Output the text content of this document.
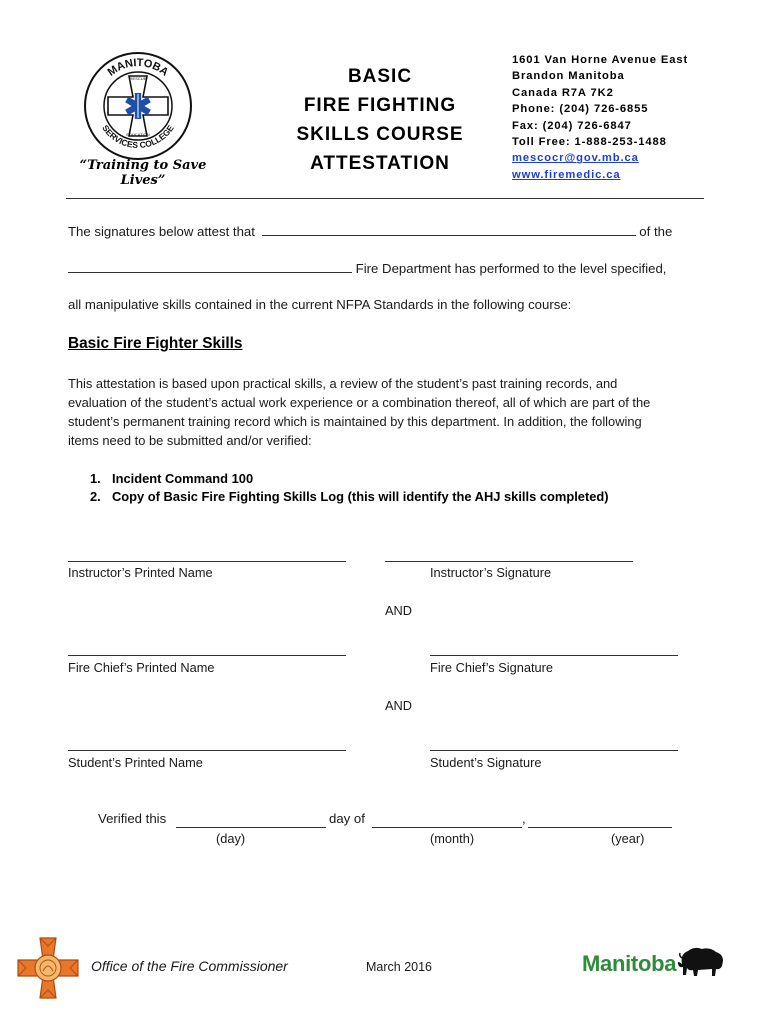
MANITOBA
SERVICES COLLEGE
RESCUE
EDUCATION
“Training to Save Lives”
BASIC
FIRE FIGHTING
SKILLS COURSE
ATTESTATION
1601 Van Horne Avenue East
Brandon Manitoba
Canada R7A 7K2
Phone: (204) 726-6855
Fax: (204) 726-6847
Toll Free: 1-888-253-1488
mescocr@gov.mb.ca
www.firemedic.ca
The signatures below attest that	of the
Fire Department has performed to the level specified,
all manipulative skills contained in the current NFPA Standards in the following course:
Basic Fire Fighter Skills
This attestation is based upon practical skills, a review of the student’s past training records, and evaluation of the student’s actual work experience or a combination thereof, all of which are part of the student’s permanent training record which is maintained by this department. In addition, the following items need to be submitted and/or verified:
1. Incident Command 100
2. Copy of Basic Fire Fighting Skills Log (this will identify the AHJ skills completed)
Instructor’s Printed Name	Instructor’s Signature
AND
Fire Chief’s Printed Name	Fire Chief’s Signature
AND
Student’s Printed Name	Student’s Signature
Verified this	day of	,
(day)	(month)	(year)
Office of the Fire Commissioner	March 2016	Manitoba
